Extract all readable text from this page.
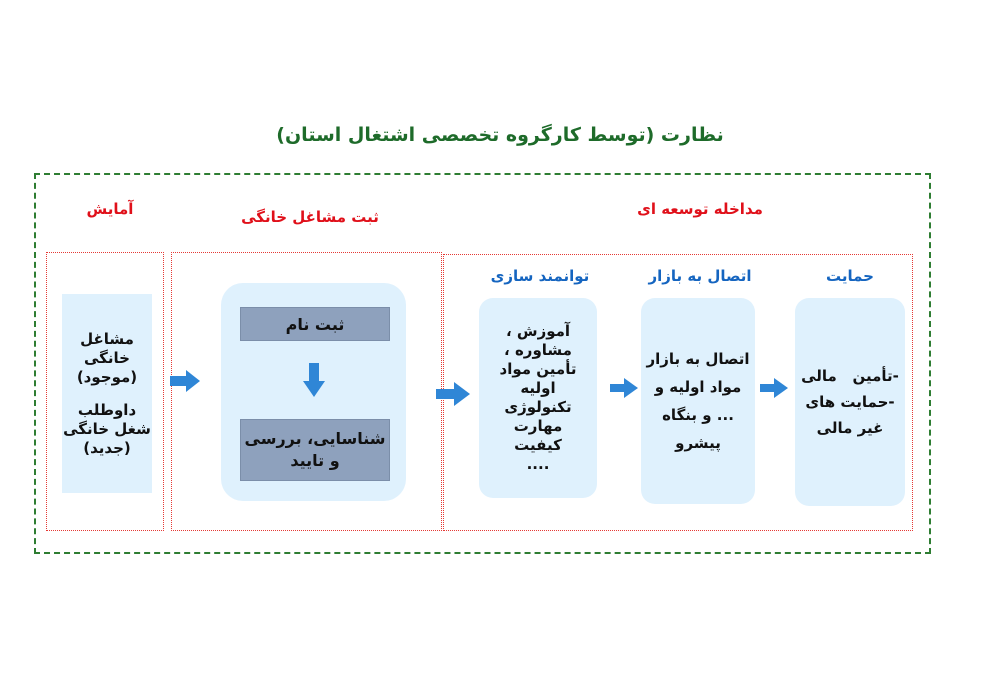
نظارت (توسط کارگروه تخصصی اشتغال استان)
آمایش	ثبت مشاغل خانگی	مداخله توسعه ای
مشاغل
خانگی
(موجود)
داوطلب
شغل خانگی
(جدید)
ثبت نام
شناسایی، بررسی
و تایید
توانمند سازی	اتصال به بازار	حمایت
آموزش ،
مشاوره ،
تأمین مواد
اولیه
تکنولوژی
مهارت
کیفیت
....
اتصال به بازار
مواد اولیه و
... و بنگاه
پیشرو
-تأمین   مالی
-حمایت های
غیر مالی
